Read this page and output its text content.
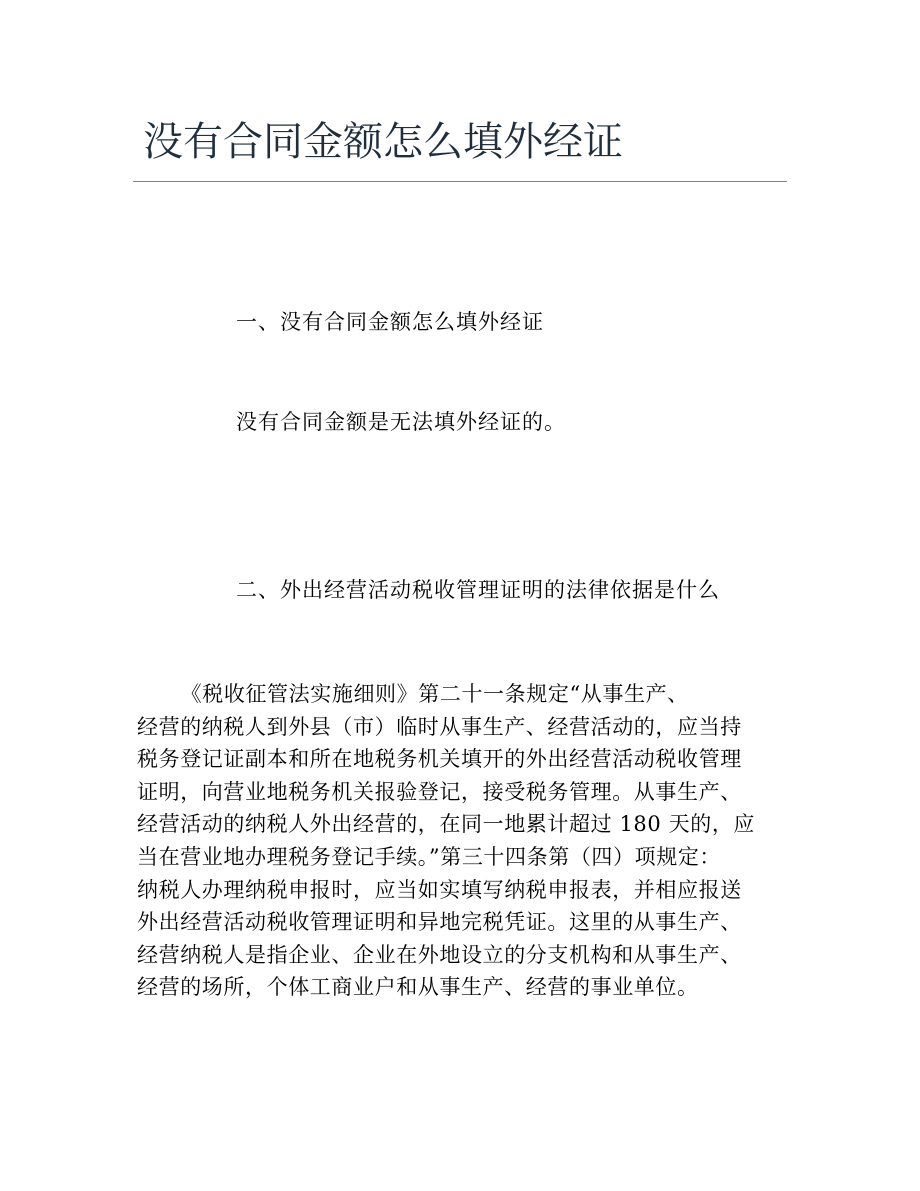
没有合同金额怎么填外经证
一、没有合同金额怎么填外经证

没有合同金额是无法填外经证的。

二、外出经营活动税收管理证明的法律依据是什么
《税收征管法实施细则》第二十一条规定“从事生产、
经营的纳税人到外县（市）临时从事生产、经营活动的，应当持
税务登记证副本和所在地税务机关填开的外出经营活动税收管理
证明，向营业地税务机关报验登记，接受税务管理。从事生产、
经营活动的纳税人外出经营的，在同一地累计超过 180 天的，应
当在营业地办理税务登记手续。”第三十四条第（四）项规定：
纳税人办理纳税申报时，应当如实填写纳税申报表，并相应报送
外出经营活动税收管理证明和异地完税凭证。这里的从事生产、
经营纳税人是指企业、企业在外地设立的分支机构和从事生产、
经营的场所，个体工商业户和从事生产、经营的事业单位。
